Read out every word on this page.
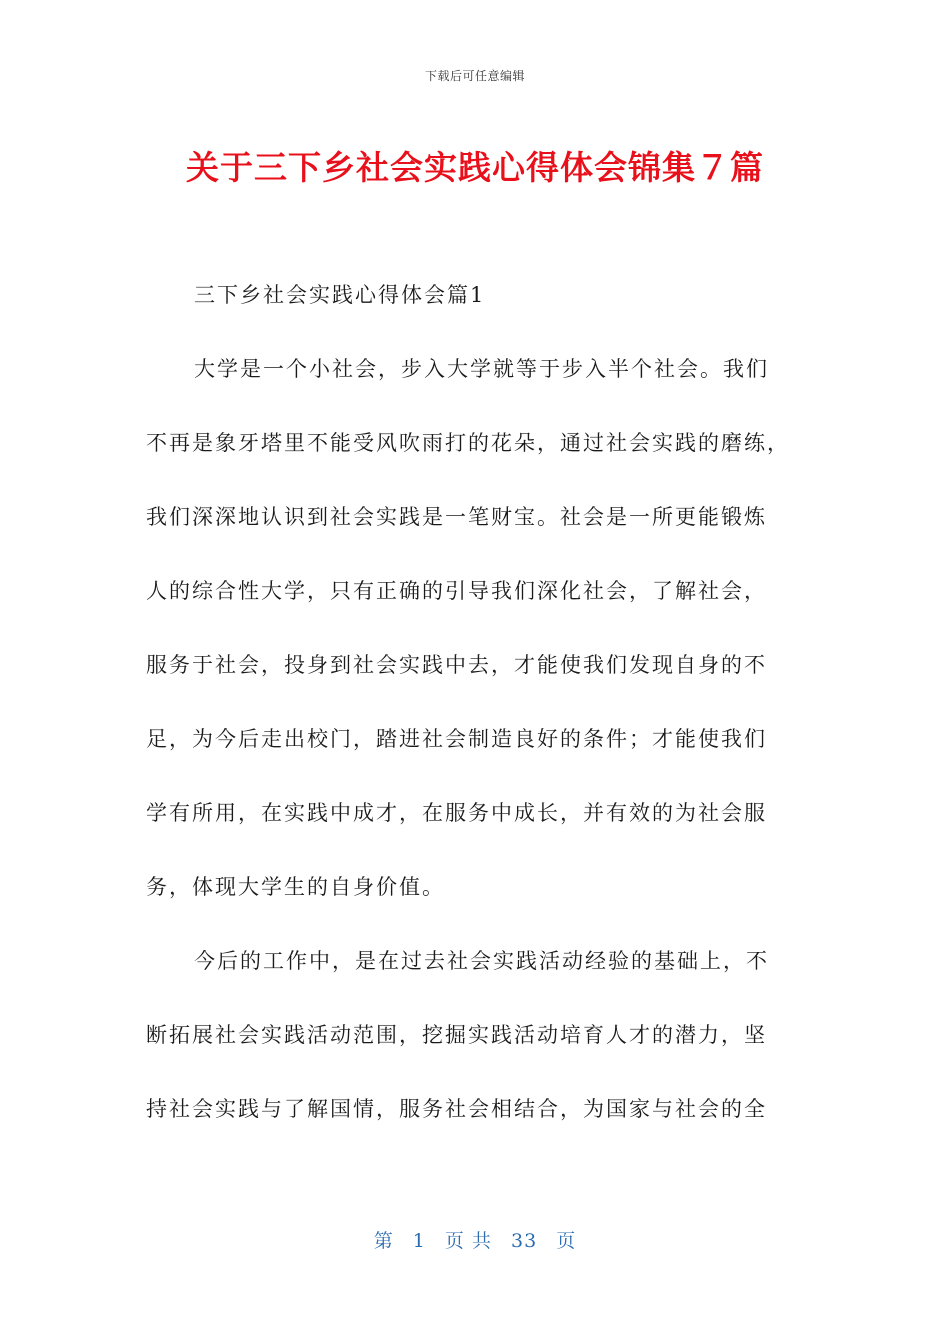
下载后可任意编辑
关于三下乡社会实践心得体会锦集７篇

三下乡社会实践心得体会篇1

大学是一个小社会，步入大学就等于步入半个社会。我们
不再是象牙塔里不能受风吹雨打的花朵，通过社会实践的磨练，
我们深深地认识到社会实践是一笔财宝。社会是一所更能锻炼
人的综合性大学，只有正确的引导我们深化社会，了解社会，
服务于社会，投身到社会实践中去，才能使我们发现自身的不
足，为今后走出校门，踏进社会制造良好的条件；才能使我们
学有所用，在实践中成才，在服务中成长，并有效的为社会服
务，体现大学生的自身价值。

今后的工作中，是在过去社会实践活动经验的基础上，不
断拓展社会实践活动范围，挖掘实践活动培育人才的潜力，坚
持社会实践与了解国情，服务社会相结合，为国家与社会的全

第 1 页 共 33 页
